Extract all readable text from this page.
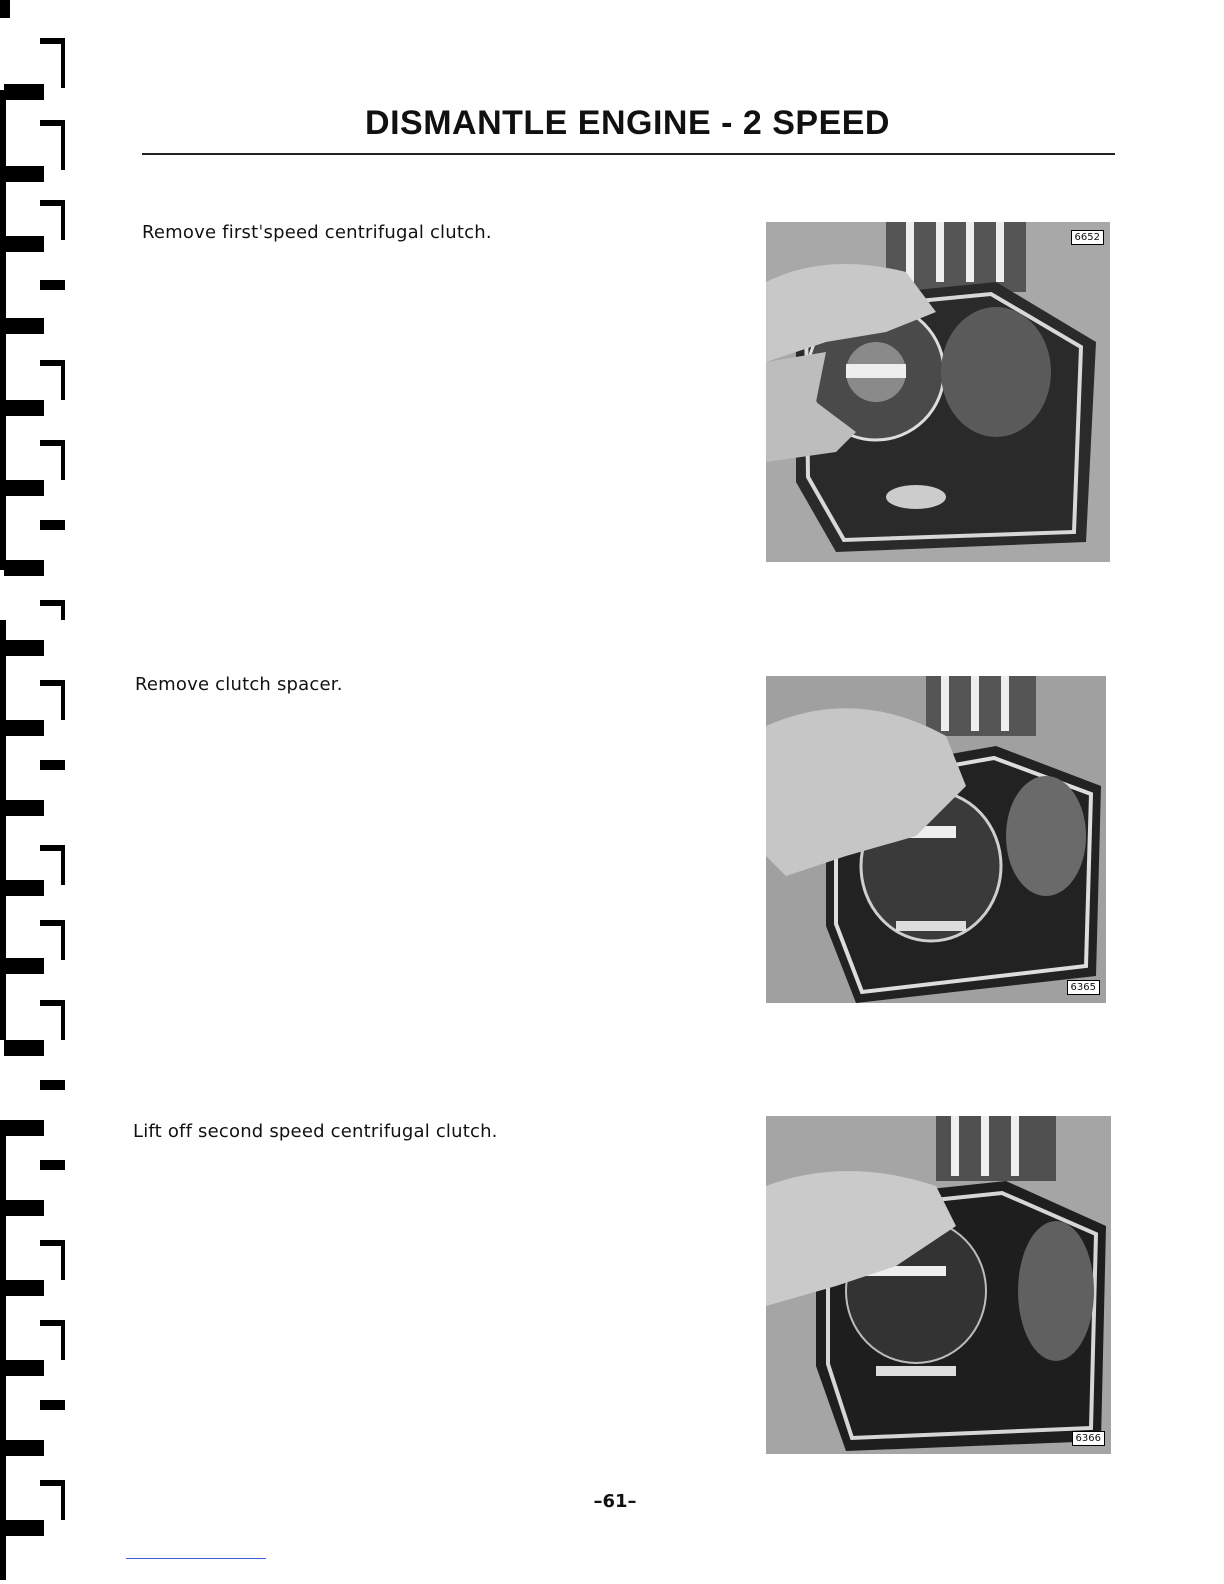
DISMANTLE ENGINE - 2 SPEED
Remove firstˈspeed centrifugal clutch.	6652
Remove clutch spacer.
6365
Lift off second speed centrifugal clutch.
6366
–61–
